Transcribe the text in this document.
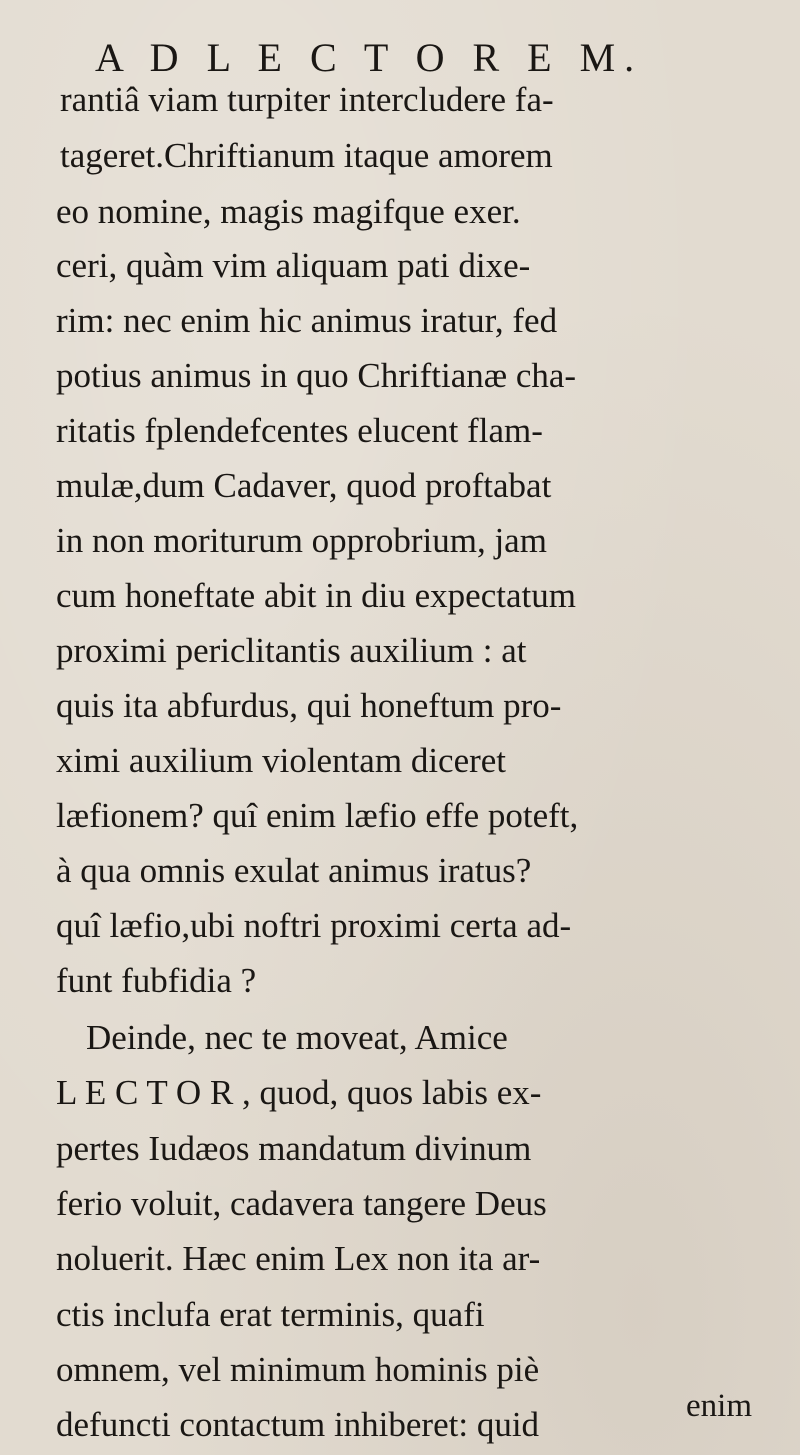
A D L E C T O R E M.
rantiâ viam turpiter intercludere fa-
tageret.Chriftianum itaque amorem
eo nomine, magis magifque exer.
ceri, quàm vim aliquam pati dixe-
rim: nec enim hic animus iratur, fed
potius animus in quo Chriftianæ cha-
ritatis fplendefcentes elucent flam-
mulæ,dum Cadaver, quod proftabat
in non moriturum opprobrium, jam
cum honeftate abit in diu expectatum
proximi periclitantis auxilium : at
quis ita abfurdus, qui honeftum pro-
ximi auxilium violentam diceret
læfionem? quî enim læfio effe poteft,
à qua omnis exulat animus iratus?
quî læfio,ubi noftri proximi certa ad-
funt fubfidia ?
Deinde, nec te moveat, Amice
L E C T O R , quod, quos labis ex-
pertes Iudæos mandatum divinum
ferio voluit, cadavera tangere Deus
noluerit. Hæc enim Lex non ita ar-
ctis inclufa erat terminis, quafi
omnem, vel minimum hominis piè
defuncti contactum inhiberet: quid	enim
